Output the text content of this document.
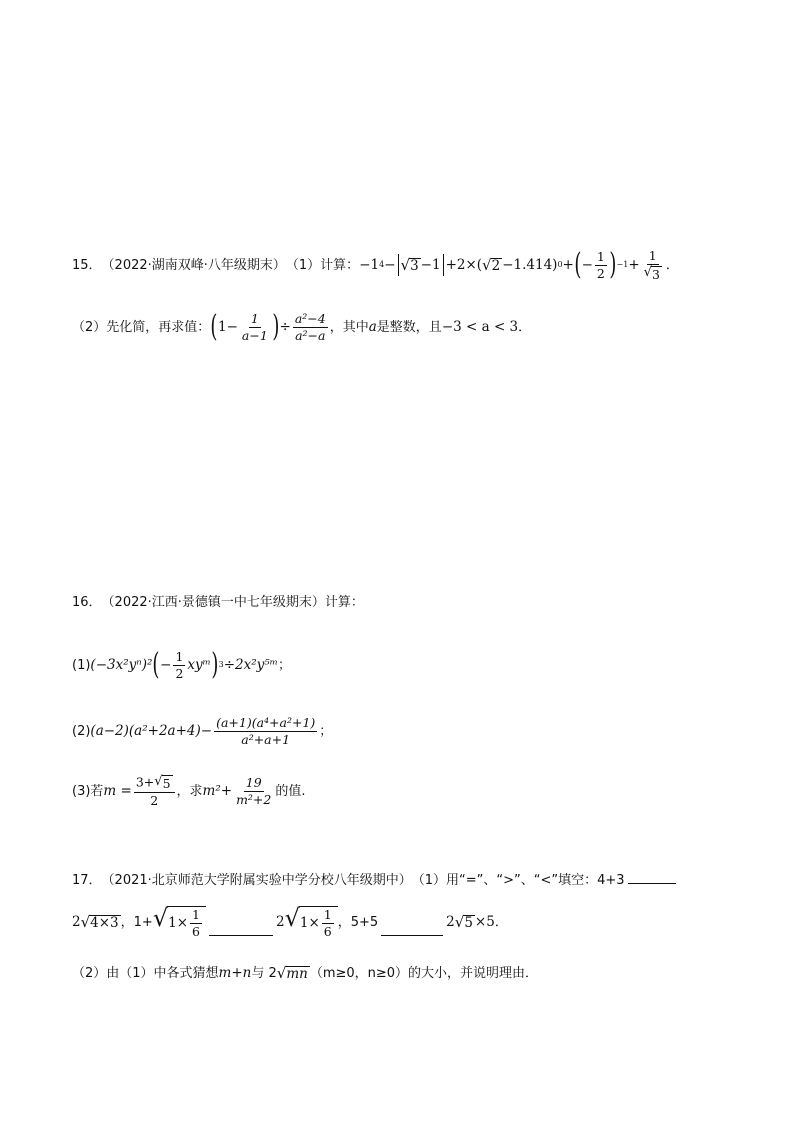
15． （2022·湖南双峰·八年级期末） （1）计算： −1 4 − √ 3 −1 +2×( √ 2 −1.414) 0 + ( − $\frac{1}{2}$ ) $-1 + \frac{1}{√ 3}$ ．
（2）先化简，再求值： ( $1- \frac{1}{a-1}$ ) ÷ $\frac{\text{a²−4}}{\text{a²−a}}$ ，其中 a 是整数，且 −3 < a < 3 ．
16． （2022·江西·景德镇一中七年级期末） 计算：
(1) (−3x²yⁿ)² ( − $\frac{1}{2}$ xyᵐ ) 3 ÷2x²y⁵ᵐ ；
(2) $(a-2)(a^2+2a+4)- \frac{\text{(a+1)(a⁴+a²+1)}}{\text{a²+a+1}}$ ；
(3)若 $m = \frac{3+ √ 5}{2}$ ，求 $m^2+ \frac{19}{\text{m²+2}}$ 的值.
17． （2021·北京师范大学附属实验中学分校八年级期中） （1）用“=”、“>”、“<”填空：4+3
2 √ 4×3 ，1+ √ $1\times \frac{1}{6}$	2 √ $1\times \frac{1}{6}$ ，5+5	2 √ 5 ×5 ．
（2）由（1）中各式猜想 m+n 与 2 √ mn （m≥0，n≥0）的大小，并说明理由．
